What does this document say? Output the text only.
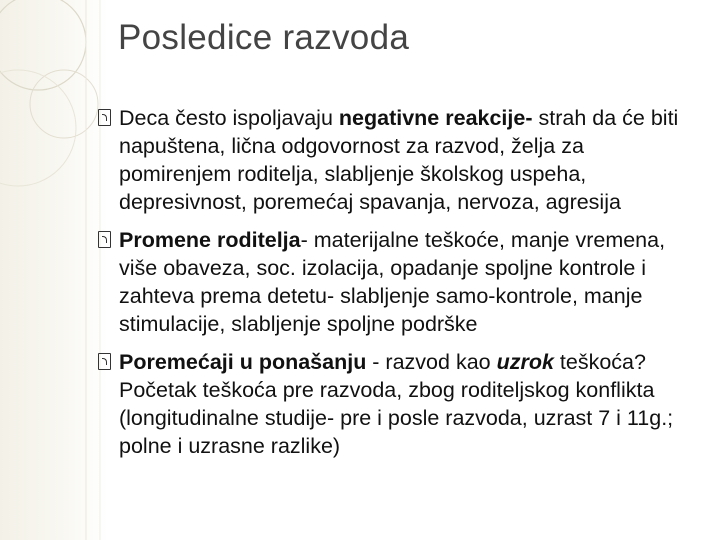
Posledice razvoda
Deca često ispoljavaju negativne reakcije- strah da će biti napuštena, lična odgovornost za razvod, želja za pomirenjem roditelja, slabljenje školskog uspeha, depresivnost, poremećaj spavanja, nervoza, agresija
Promene roditelja- materijalne teškoće, manje vremena, više obaveza, soc. izolacija, opadanje spoljne kontrole i zahteva prema detetu- slabljenje samo-kontrole, manje stimulacije, slabljenje spoljne podrške
Poremećaji u ponašanju - razvod kao uzrok teškoća? Početak teškoća pre razvoda, zbog roditeljskog konflikta (longitudinalne studije- pre i posle razvoda, uzrast 7 i 11g.; polne i uzrasne razlike)
